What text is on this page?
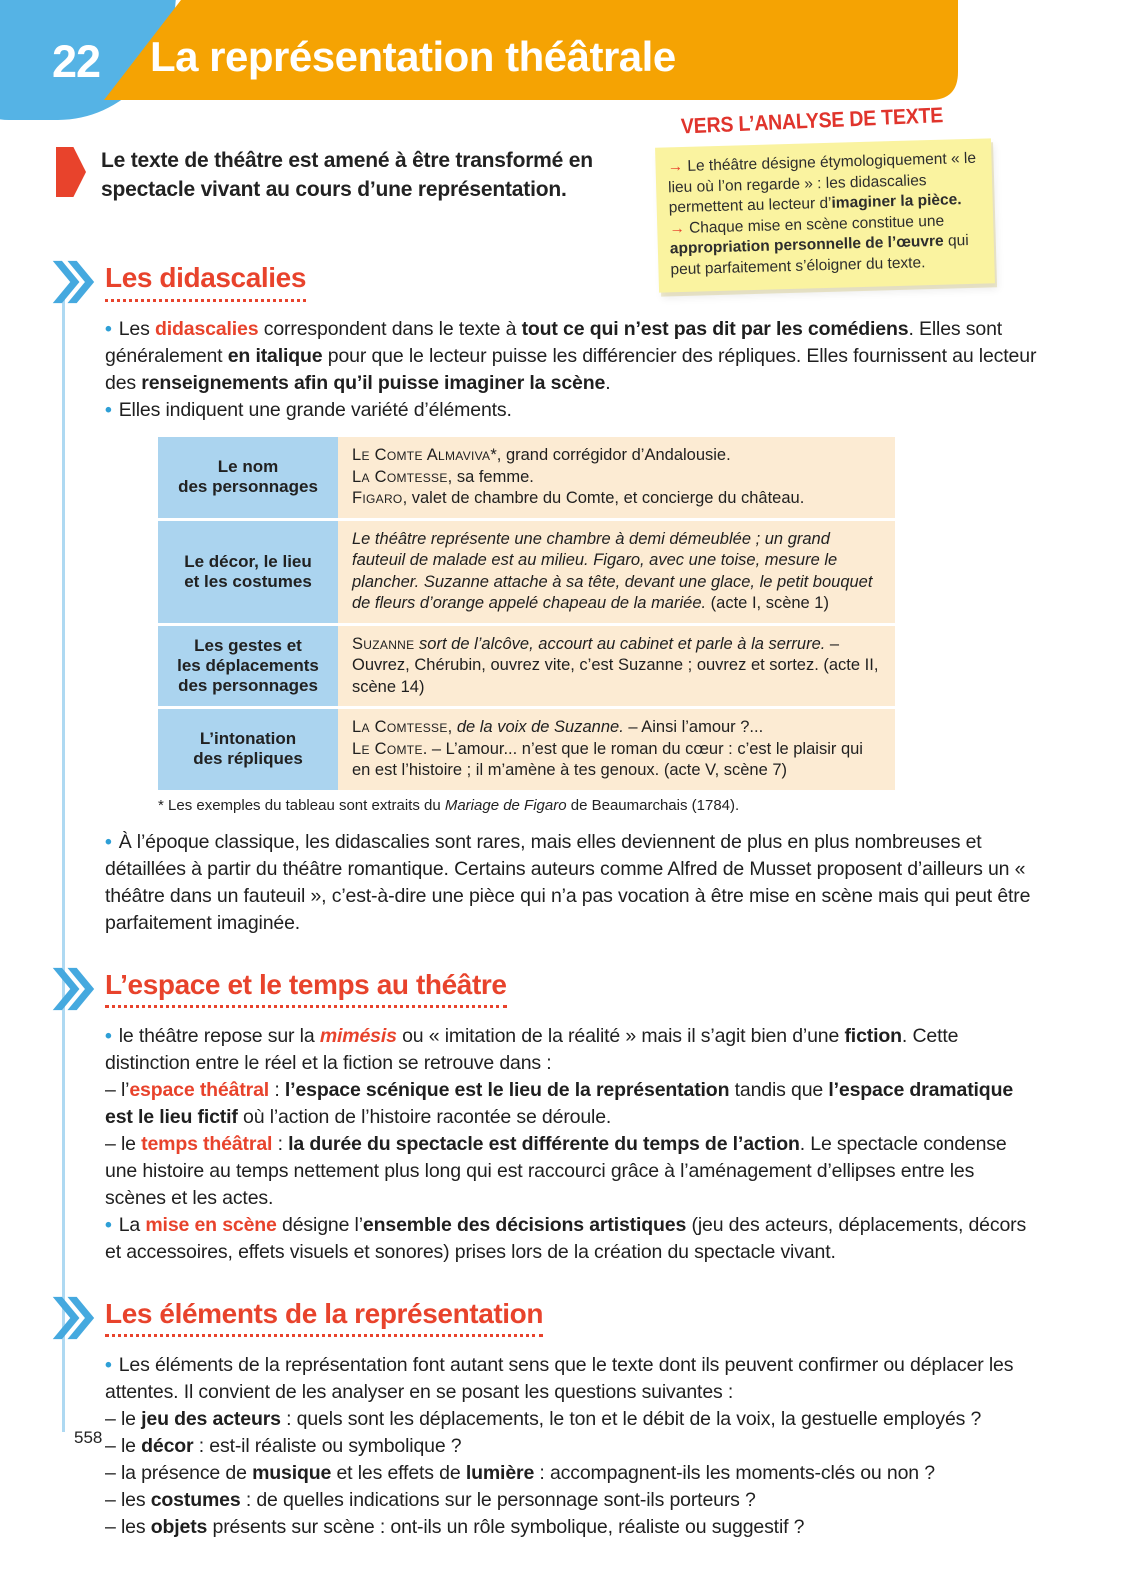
22 La représentation théâtrale

Le texte de théâtre est amené à être transformé en spectacle vivant au cours d’une représentation.

VERS L’ANALYSE DE TEXTE

→ Le théâtre désigne étymologiquement « le lieu où l’on regarde » : les didascalies permettent au lecteur d’imaginer la pièce.

→ Chaque mise en scène constitue une appropriation personnelle de l’œuvre qui peut parfaitement s’éloigner du texte.

Les didascalies

• Les didascalies correspondent dans le texte à tout ce qui n’est pas dit par les comédiens. Elles sont généralement en italique pour que le lecteur puisse les différencier des répliques. Elles fournissent au lecteur des renseignements afin qu’il puisse imaginer la scène.

• Elles indiquent une grande variété d’éléments.

Le nom
des personnages
Le Comte Almaviva*, grand corrégidor d’Andalousie.
La Comtesse, sa femme.
Figaro, valet de chambre du Comte, et concierge du château.
Le décor, le lieu
et les costumes
Le théâtre représente une chambre à demi démeublée ; un grand fauteuil de malade est au milieu. Figaro, avec une toise, mesure le plancher. Suzanne attache à sa tête, devant une glace, le petit bouquet de fleurs d’orange appelé chapeau de la mariée. (acte I, scène 1)
Les gestes et
les déplacements
des personnages
Suzanne sort de l’alcôve, accourt au cabinet et parle à la serrure. – Ouvrez, Chérubin, ouvrez vite, c’est Suzanne ; ouvrez et sortez. (acte II, scène 14)
L’intonation
des répliques
La Comtesse, de la voix de Suzanne. – Ainsi l’amour ?...
Le Comte. – L’amour... n’est que le roman du cœur : c’est le plaisir qui en est l’histoire ; il m’amène à tes genoux. (acte V, scène 7)

* Les exemples du tableau sont extraits du Mariage de Figaro de Beaumarchais (1784).

• À l’époque classique, les didascalies sont rares, mais elles deviennent de plus en plus nombreuses et détaillées à partir du théâtre romantique. Certains auteurs comme Alfred de Musset proposent d’ailleurs un « théâtre dans un fauteuil », c’est-à-dire une pièce qui n’a pas vocation à être mise en scène mais qui peut être parfaitement imaginée.

L’espace et le temps au théâtre

• le théâtre repose sur la mimésis ou « imitation de la réalité » mais il s’agit bien d’une fiction. Cette distinction entre le réel et la fiction se retrouve dans :

– l’espace théâtral : l’espace scénique est le lieu de la représentation tandis que l’espace dramatique est le lieu fictif où l’action de l’histoire racontée se déroule.

– le temps théâtral : la durée du spectacle est différente du temps de l’action. Le spectacle condense une histoire au temps nettement plus long qui est raccourci grâce à l’aménagement d’ellipses entre les scènes et les actes.

• La mise en scène désigne l’ensemble des décisions artistiques (jeu des acteurs, déplacements, décors et accessoires, effets visuels et sonores) prises lors de la création du spectacle vivant.

Les éléments de la représentation

• Les éléments de la représentation font autant sens que le texte dont ils peuvent confirmer ou déplacer les attentes. Il convient de les analyser en se posant les questions suivantes :

– le jeu des acteurs : quels sont les déplacements, le ton et le débit de la voix, la gestuelle employés ?

– le décor : est-il réaliste ou symbolique ?

– la présence de musique et les effets de lumière : accompagnent-ils les moments-clés ou non ?

– les costumes : de quelles indications sur le personnage sont-ils porteurs ?

– les objets présents sur scène : ont-ils un rôle symbolique, réaliste ou suggestif ?

558
